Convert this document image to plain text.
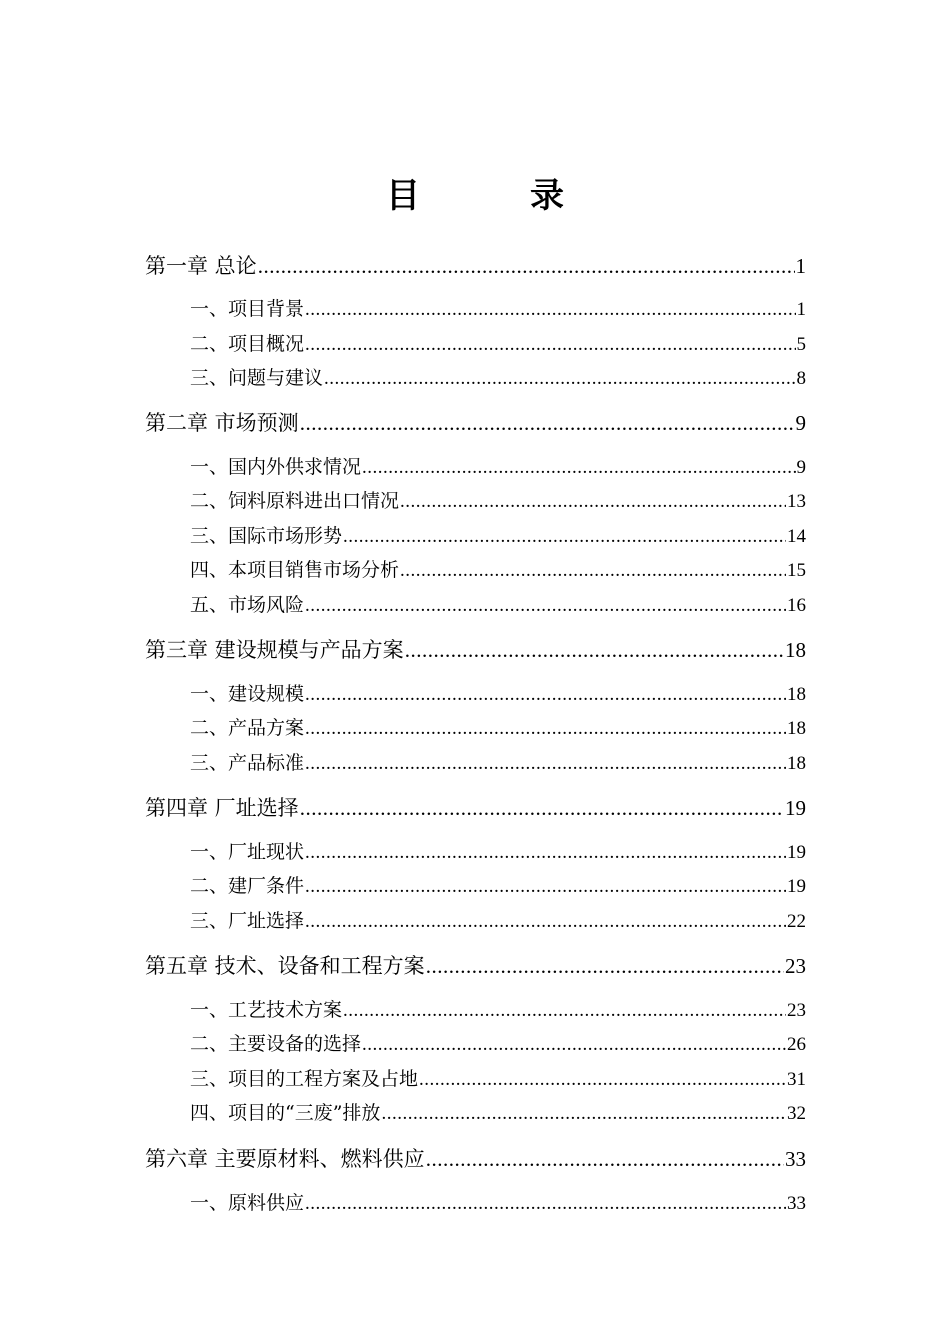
目　录
第一章 总论 .....	1
一、项目背景 .....	1
二、项目概况 .....	5
三、问题与建议 .....	8
第二章 市场预测 .....	9
一、国内外供求情况 .....	9
二、饲料原料进出口情况 .....	13
三、国际市场形势 .....	14
四、本项目销售市场分析 .....	15
五、市场风险 .....	16
第三章 建设规模与产品方案 .....	18
一、建设规模 .....	18
二、产品方案 .....	18
三、产品标准 .....	18
第四章 厂址选择 .....	19
一、厂址现状 .....	19
二、建厂条件 .....	19
三、厂址选择 .....	22
第五章 技术、设备和工程方案 .....	23
一、工艺技术方案 .....	23
二、主要设备的选择 .....	26
三、项目的工程方案及占地 .....	31
四、项目的“三废”排放 .....	32
第六章 主要原材料、燃料供应 .....	33
一、原料供应 .....	33
